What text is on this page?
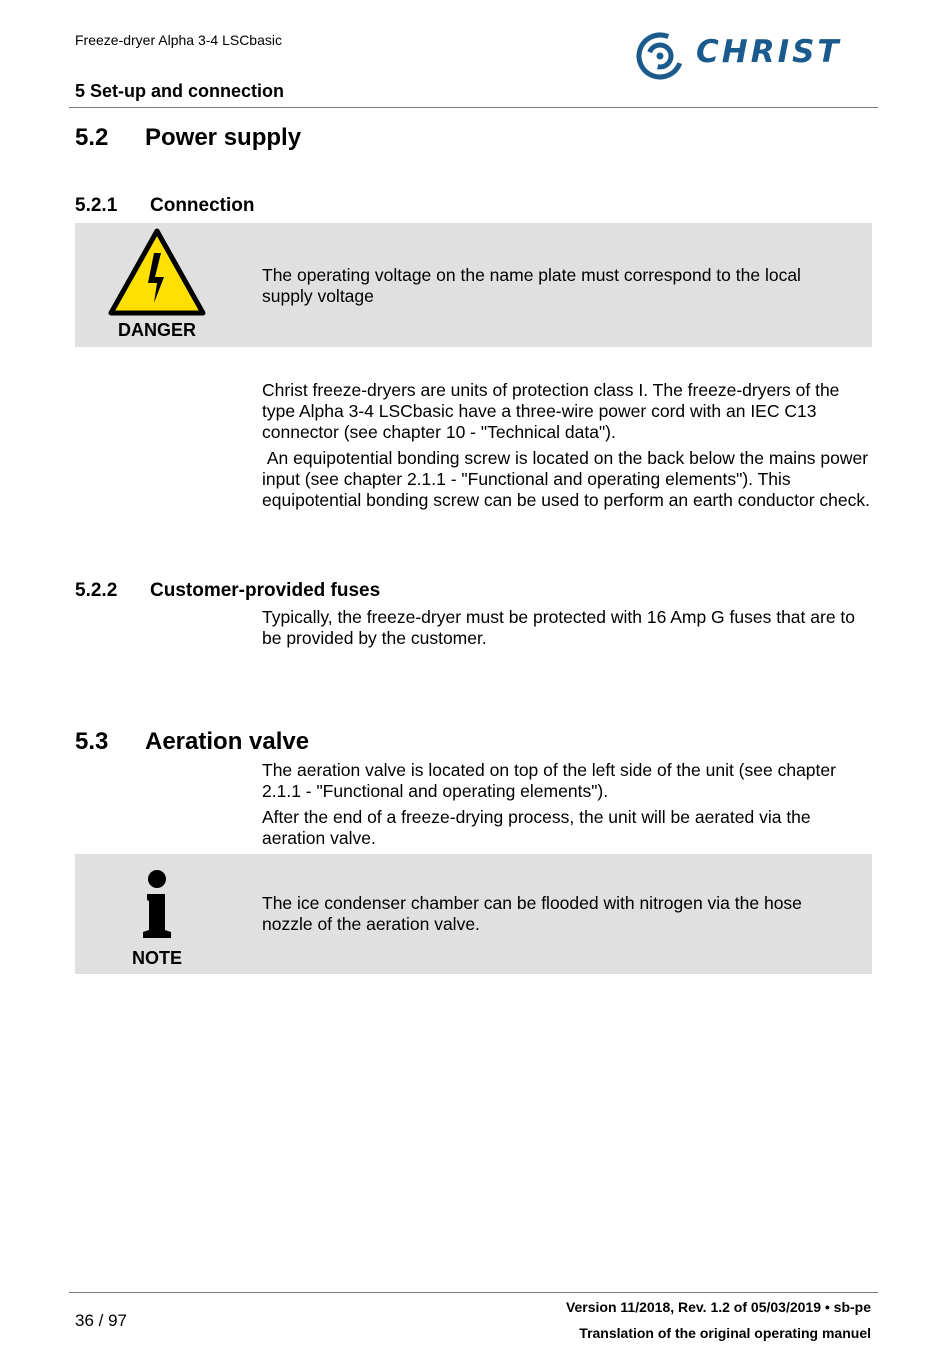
Freeze-dryer Alpha 3-4 LSCbasic
5 Set-up and connection
CHRIST
5.2 Power supply
5.2.1 Connection
DANGER
The operating voltage on the name plate must correspond to the local supply voltage
Christ freeze-dryers are units of protection class I. The freeze-dryers of the type Alpha 3-4 LSCbasic have a three-wire power cord with an IEC C13 connector (see chapter 10 - "Technical data").
An equipotential bonding screw is located on the back below the mains power input (see chapter 2.1.1 - "Functional and operating elements"). This equipotential bonding screw can be used to perform an earth conductor check.
5.2.2 Customer-provided fuses
Typically, the freeze-dryer must be protected with 16 Amp G fuses that are to be provided by the customer.
5.3 Aeration valve
The aeration valve is located on top of the left side of the unit (see chapter 2.1.1 - "Functional and operating elements").
After the end of a freeze-drying process, the unit will be aerated via the aeration valve.
NOTE
The ice condenser chamber can be flooded with nitrogen via the hose nozzle of the aeration valve.
36 / 97
Version 11/2018, Rev. 1.2 of 05/03/2019 • sb-pe
Translation of the original operating manuel
